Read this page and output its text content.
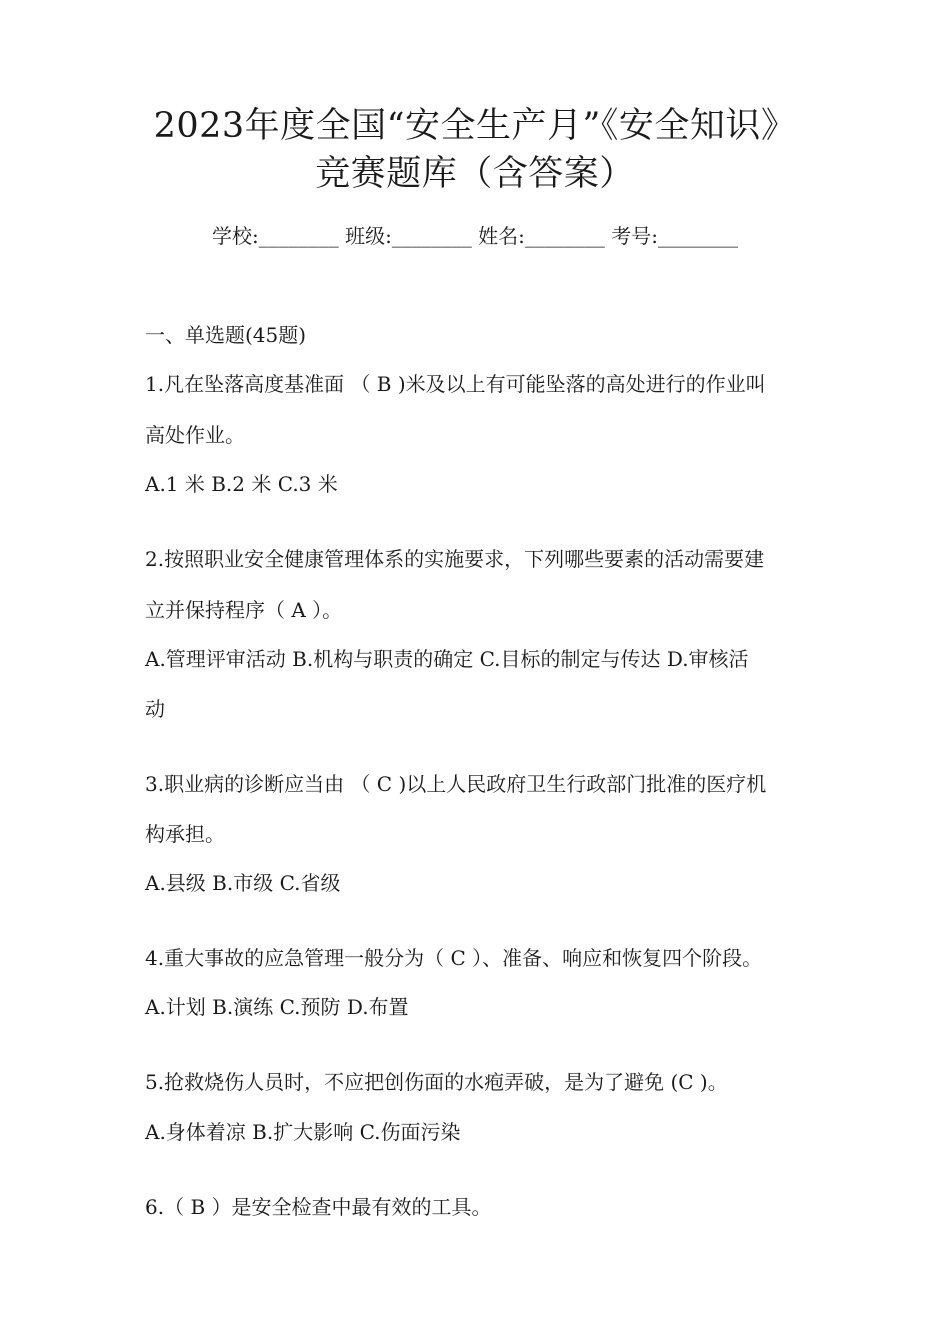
2023年度全国“安全生产月”《安全知识》
竞赛题库（含答案）
学校:________ 班级:________ 姓名:________ 考号:________
一、单选题(45题)
1.凡在坠落高度基准面 （ B )米及以上有可能坠落的高处进行的作业叫
高处作业。
A.1 米 B.2 米 C.3 米
2.按照职业安全健康管理体系的实施要求，下列哪些要素的活动需要建
立并保持程序（ A ）。
A.管理评审活动 B.机构与职责的确定 C.目标的制定与传达 D.审核活
动
3.职业病的诊断应当由 （ C )以上人民政府卫生行政部门批准的医疗机
构承担。
A.县级 B.市级 C.省级
4.重大事故的应急管理一般分为（ C ）、准备、响应和恢复四个阶段。
A.计划 B.演练 C.预防 D.布置
5.抢救烧伤人员时，不应把创伤面的水疱弄破，是为了避免 (C )。
A.身体着凉 B.扩大影响 C.伤面污染
6.（ B ）是安全检查中最有效的工具。
